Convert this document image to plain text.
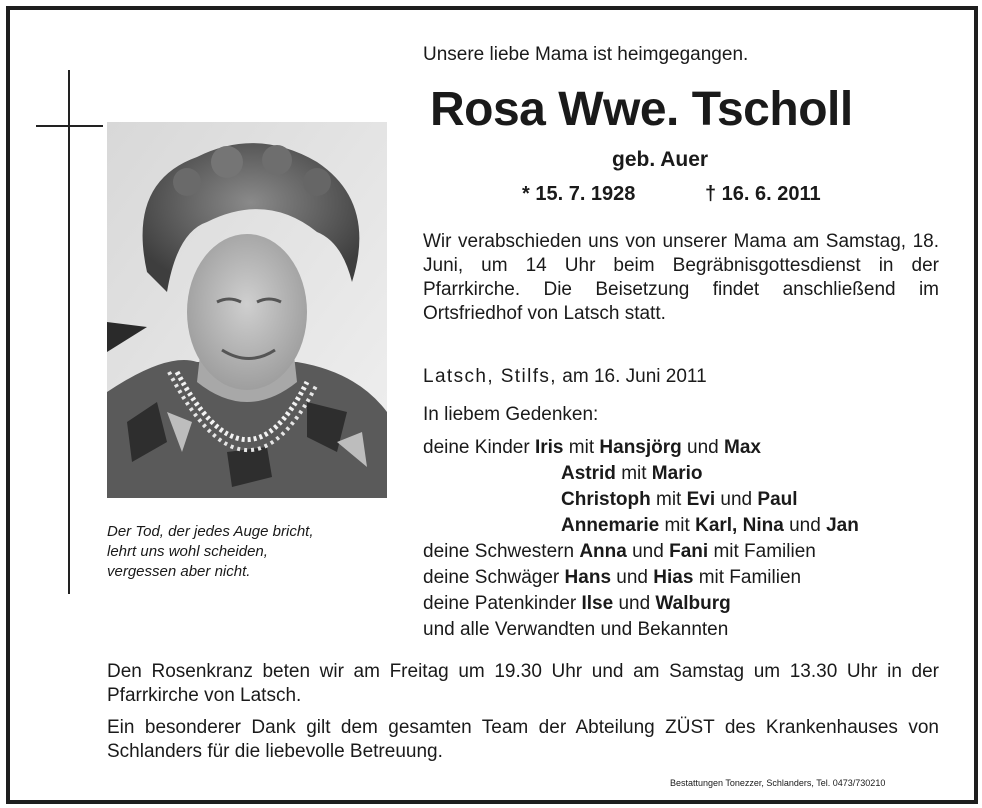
Unsere liebe Mama ist heimgegangen.
Rosa Wwe. Tscholl
geb. Auer
* 15. 7. 1928	† 16. 6. 2011
Wir verabschieden uns von unserer Mama am Samstag, 18. Juni, um 14 Uhr beim Begräbnisgottesdienst in der Pfarrkirche. Die Beisetzung findet anschließend im Ortsfriedhof von Latsch statt.
Latsch, Stilfs, am 16. Juni 2011
In liebem Gedenken:
deine Kinder Iris mit Hansjörg und Max
Astrid mit Mario
Christoph mit Evi und Paul
Annemarie mit Karl, Nina und Jan
deine Schwestern Anna und Fani mit Familien
deine Schwäger Hans und Hias mit Familien
deine Patenkinder Ilse und Walburg
und alle Verwandten und Bekannten
Der Tod, der jedes Auge bricht,
lehrt uns wohl scheiden,
vergessen aber nicht.
Den Rosenkranz beten wir am Freitag um 19.30 Uhr und am Samstag um 13.30 Uhr in der Pfarrkirche von Latsch.
Ein besonderer Dank gilt dem gesamten Team der Abteilung ZÜST des Krankenhauses von Schlanders für die liebevolle Betreuung.
Bestattungen Tonezzer, Schlanders, Tel. 0473/730210
